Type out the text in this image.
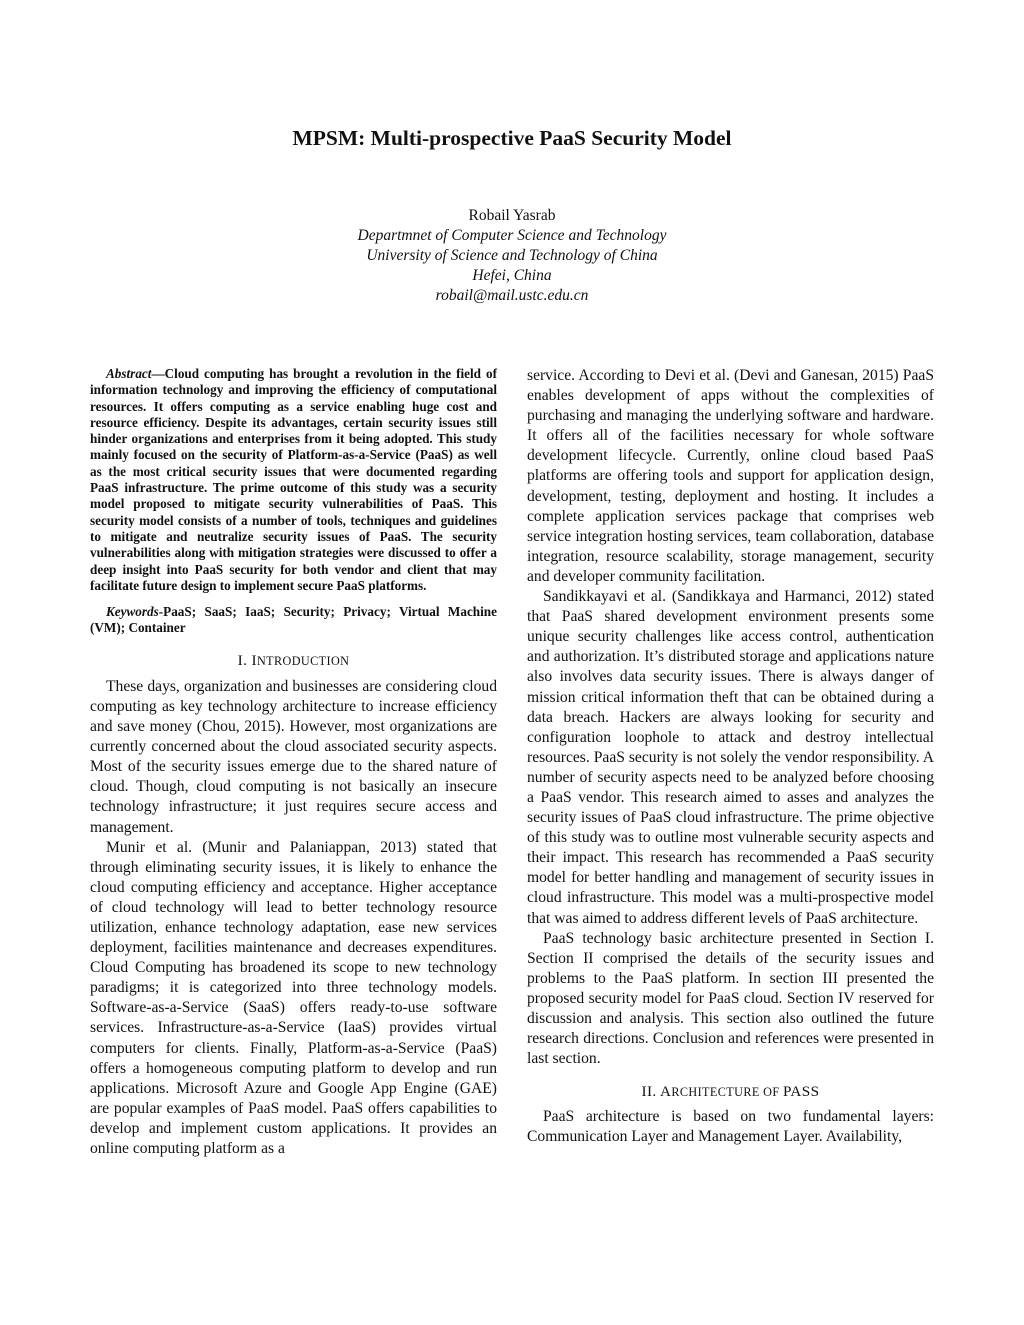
MPSM: Multi-prospective PaaS Security Model
Robail Yasrab
Departmnet of Computer Science and Technology
University of Science and Technology of China
Hefei, China
robail@mail.ustc.edu.cn

Abstract—Cloud computing has brought a revolution in the field of information technology and improving the efficiency of computational resources. It offers computing as a service enabling huge cost and resource efficiency. Despite its advantages, certain security issues still hinder organizations and enterprises from it being adopted. This study mainly focused on the security of Platform-as-a-Service (PaaS) as well as the most critical security issues that were documented regarding PaaS infrastructure. The prime outcome of this study was a security model proposed to mitigate security vulnerabilities of PaaS. This security model consists of a number of tools, techniques and guidelines to mitigate and neutralize security issues of PaaS. The security vulnerabilities along with mitigation strategies were discussed to offer a deep insight into PaaS security for both vendor and client that may facilitate future design to implement secure PaaS platforms.

Keywords-PaaS; SaaS; IaaS; Security; Privacy; Virtual Machine (VM); Container

I. INTRODUCTION

These days, organization and businesses are considering cloud computing as key technology architecture to increase efficiency and save money (Chou, 2015). However, most organizations are currently concerned about the cloud associated security aspects. Most of the security issues emerge due to the shared nature of cloud. Though, cloud computing is not basically an insecure technology infrastructure; it just requires secure access and management.

Munir et al. (Munir and Palaniappan, 2013) stated that through eliminating security issues, it is likely to enhance the cloud computing efficiency and acceptance. Higher acceptance of cloud technology will lead to better technology resource utilization, enhance technology adaptation, ease new services deployment, facilities maintenance and decreases expenditures. Cloud Computing has broadened its scope to new technology paradigms; it is categorized into three technology models. Software-as-a-Service (SaaS) offers ready-to-use software services. Infrastructure-as-a-Service (IaaS) provides virtual computers for clients. Finally, Platform-as-a-Service (PaaS) offers a homogeneous computing platform to develop and run applications. Microsoft Azure and Google App Engine (GAE) are popular examples of PaaS model. PaaS offers capabilities to develop and implement custom applications. It provides an online computing platform as a

service. According to Devi et al. (Devi and Ganesan, 2015) PaaS enables development of apps without the complexities of purchasing and managing the underlying software and hardware. It offers all of the facilities necessary for whole software development lifecycle. Currently, online cloud based PaaS platforms are offering tools and support for application design, development, testing, deployment and hosting. It includes a complete application services package that comprises web service integration hosting services, team collaboration, database integration, resource scalability, storage management, security and developer community facilitation.

Sandikkayavi et al. (Sandikkaya and Harmanci, 2012) stated that PaaS shared development environment presents some unique security challenges like access control, authentication and authorization. It’s distributed storage and applications nature also involves data security issues. There is always danger of mission critical information theft that can be obtained during a data breach. Hackers are always looking for security and configuration loophole to attack and destroy intellectual resources. PaaS security is not solely the vendor responsibility. A number of security aspects need to be analyzed before choosing a PaaS vendor. This research aimed to asses and analyzes the security issues of PaaS cloud infrastructure. The prime objective of this study was to outline most vulnerable security aspects and their impact. This research has recommended a PaaS security model for better handling and management of security issues in cloud infrastructure. This model was a multi-prospective model that was aimed to address different levels of PaaS architecture.

PaaS technology basic architecture presented in Section I. Section II comprised the details of the security issues and problems to the PaaS platform. In section III presented the proposed security model for PaaS cloud. Section IV reserved for discussion and analysis. This section also outlined the future research directions. Conclusion and references were presented in last section.

II. ARCHITECTURE OF PASS

PaaS architecture is based on two fundamental layers: Communication Layer and Management Layer. Availability,
